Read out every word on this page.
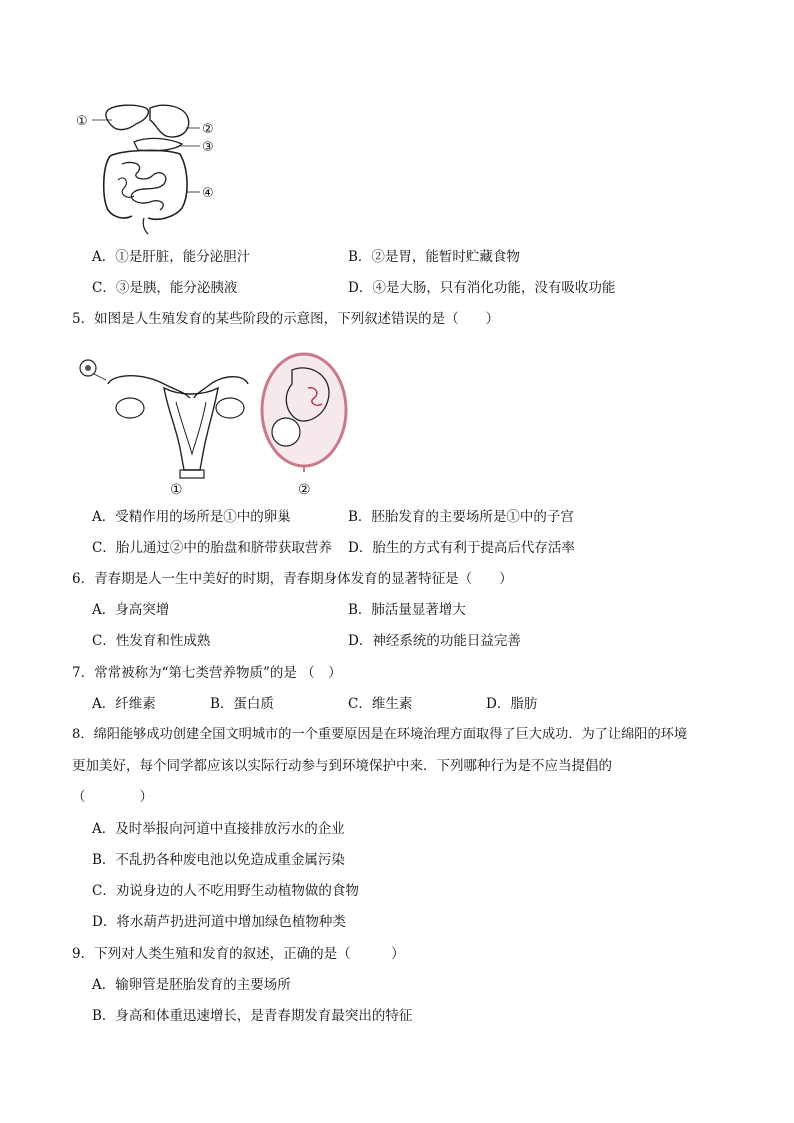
①
②
③
④
A．①是肝脏，能分泌胆汁	B．②是胃，能暂时贮藏食物
C．③是胰，能分泌胰液	D．④是大肠，只有消化功能，没有吸收功能
5．如图是人生殖发育的某些阶段的示意图，下列叙述错误的是（　　）
①	②
A．受精作用的场所是①中的卵巢	B．胚胎发育的主要场所是①中的子宫
C．胎儿通过②中的胎盘和脐带获取营养 D．胎生的方式有利于提高后代存活率
6．青春期是人一生中美好的时期，青春期身体发育的显著特征是（　　）
A．身高突增	B．肺活量显著增大
C．性发育和性成熟	D．神经系统的功能日益完善
7．常常被称为“第七类营养物质”的是 （　）
A．纤维素	B．蛋白质	C．维生素	D．脂肪
8．绵阳能够成功创建全国文明城市的一个重要原因是在环境治理方面取得了巨大成功．为了让绵阳的环境
更加美好，每个同学都应该以实际行动参与到环境保护中来．下列哪种行为是不应当提倡的
（　　　　）
A．及时举报向河道中直接排放污水的企业
B．不乱扔各种废电池以免造成重金属污染
C．劝说身边的人不吃用野生动植物做的食物
D．将水葫芦扔进河道中增加绿色植物种类
9．下列对人类生殖和发育的叙述，正确的是（　　　）
A．输卵管是胚胎发育的主要场所
B．身高和体重迅速增长，是青春期发育最突出的特征
